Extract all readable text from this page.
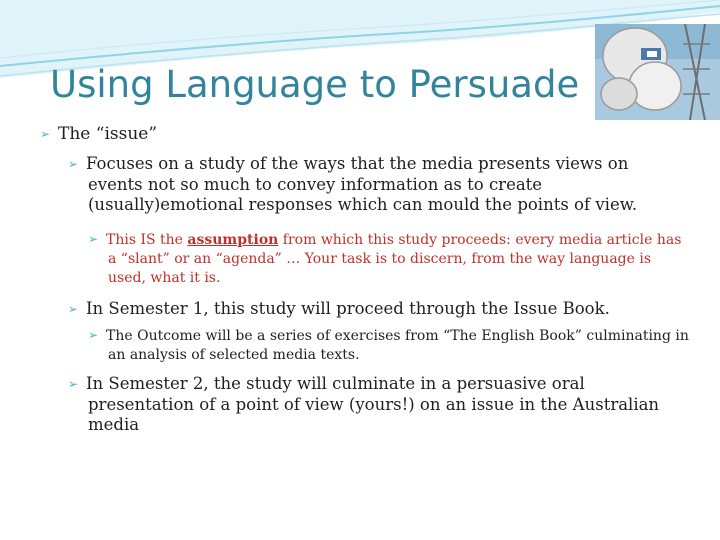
Using Language to Persuade

➢ The “issue”

➢ Focuses on a study of the ways that the media presents views on events not so much to convey information as to create (usually)emotional responses which can mould the points of view.

➢ This IS the assumption from which this study proceeds: every media article has a “slant” or an “agenda” … Your task is to discern, from the way language is used, what it is.

➢ In Semester 1, this study will proceed through the Issue Book.

➢ The Outcome will be a series of exercises from “The English Book” culminating in an analysis of selected media texts.

➢ In Semester 2, the study will culminate in a persuasive oral presentation of a point of view (yours!) on an issue in the Australian media
